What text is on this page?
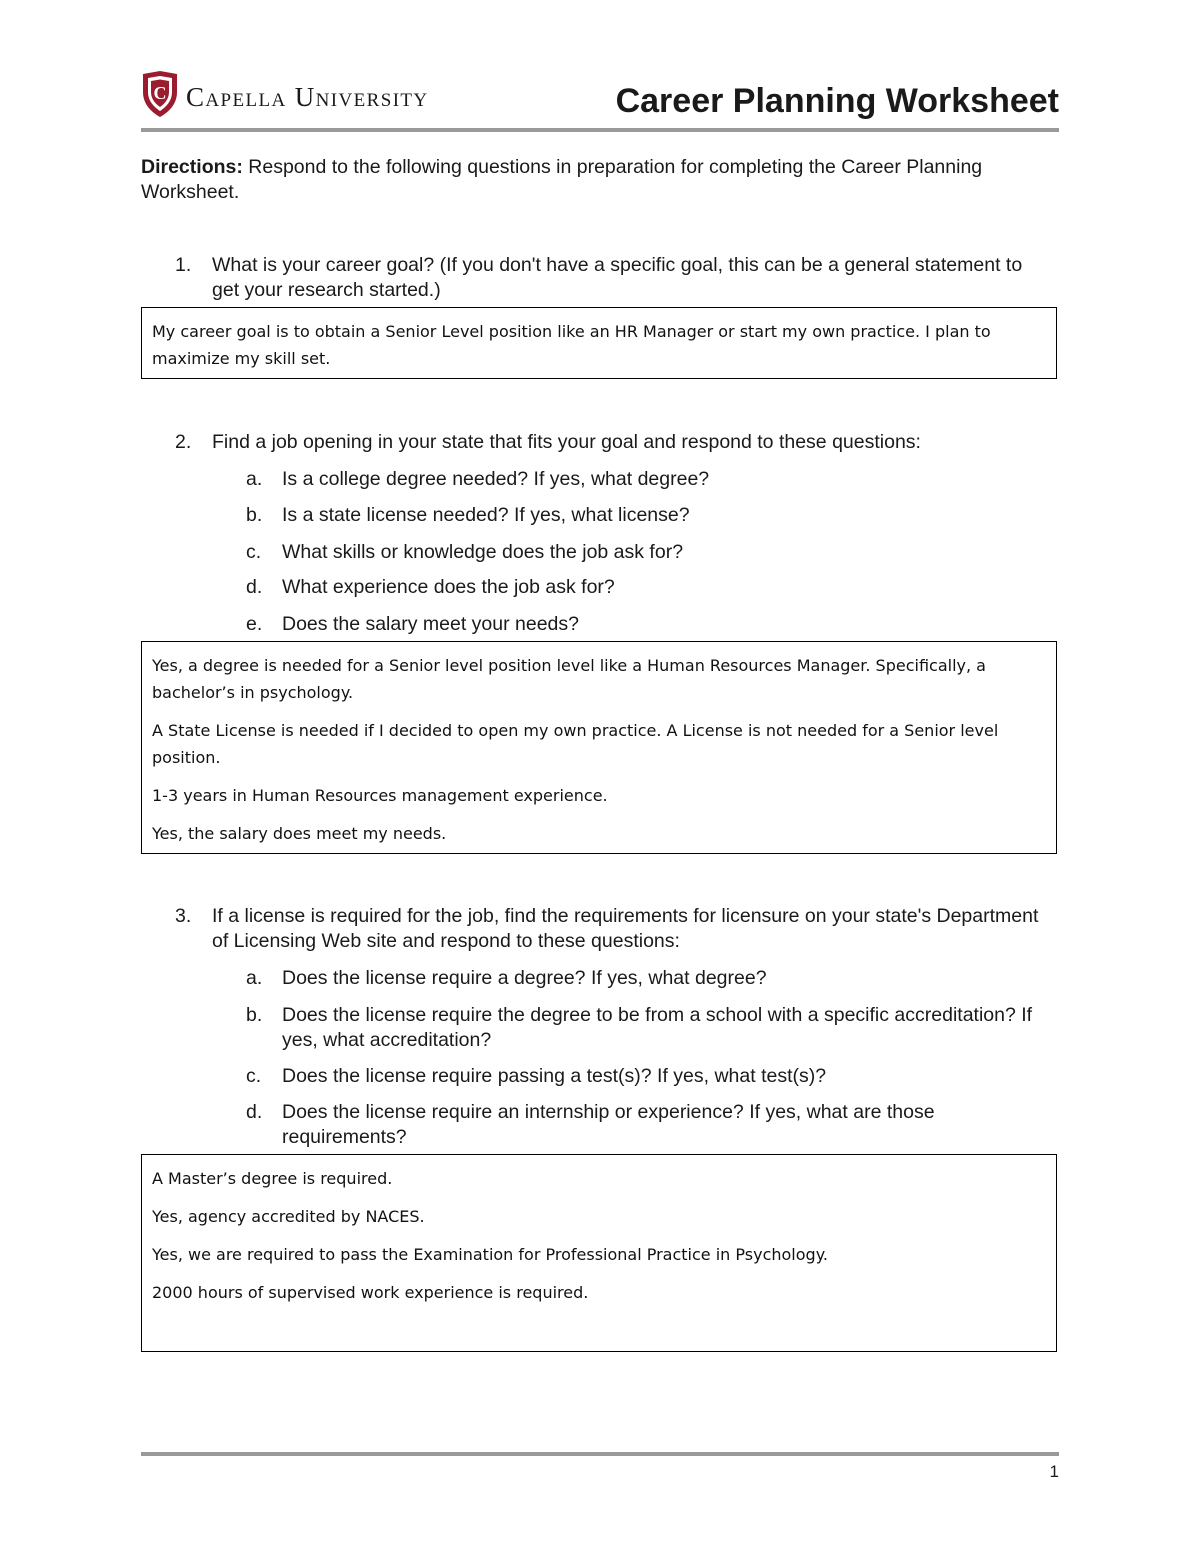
C Capella University	Career Planning Worksheet
Directions: Respond to the following questions in preparation for completing the Career Planning Worksheet.
1. What is your career goal? (If you don't have a specific goal, this can be a general statement to get your research started.)

My career goal is to obtain a Senior Level position like an HR Manager or start my own practice. I plan to maximize my skill set.

2. Find a job opening in your state that fits your goal and respond to these questions:
a. Is a college degree needed? If yes, what degree?
b. Is a state license needed? If yes, what license?
c. What skills or knowledge does the job ask for?
d. What experience does the job ask for?
e. Does the salary meet your needs?

Yes, a degree is needed for a Senior level position level like a Human Resources Manager. Specifically, a bachelor’s in psychology.

A State License is needed if I decided to open my own practice. A License is not needed for a Senior level position.

1-3 years in Human Resources management experience.

Yes, the salary does meet my needs.

3. If a license is required for the job, find the requirements for licensure on your state's Department of Licensing Web site and respond to these questions:
a. Does the license require a degree? If yes, what degree?
b. Does the license require the degree to be from a school with a specific accreditation? If yes, what accreditation?
c. Does the license require passing a test(s)? If yes, what test(s)?
d. Does the license require an internship or experience? If yes, what are those requirements?

A Master’s degree is required.

Yes, agency accredited by NACES.

Yes, we are required to pass the Examination for Professional Practice in Psychology.

2000 hours of supervised work experience is required.

1
